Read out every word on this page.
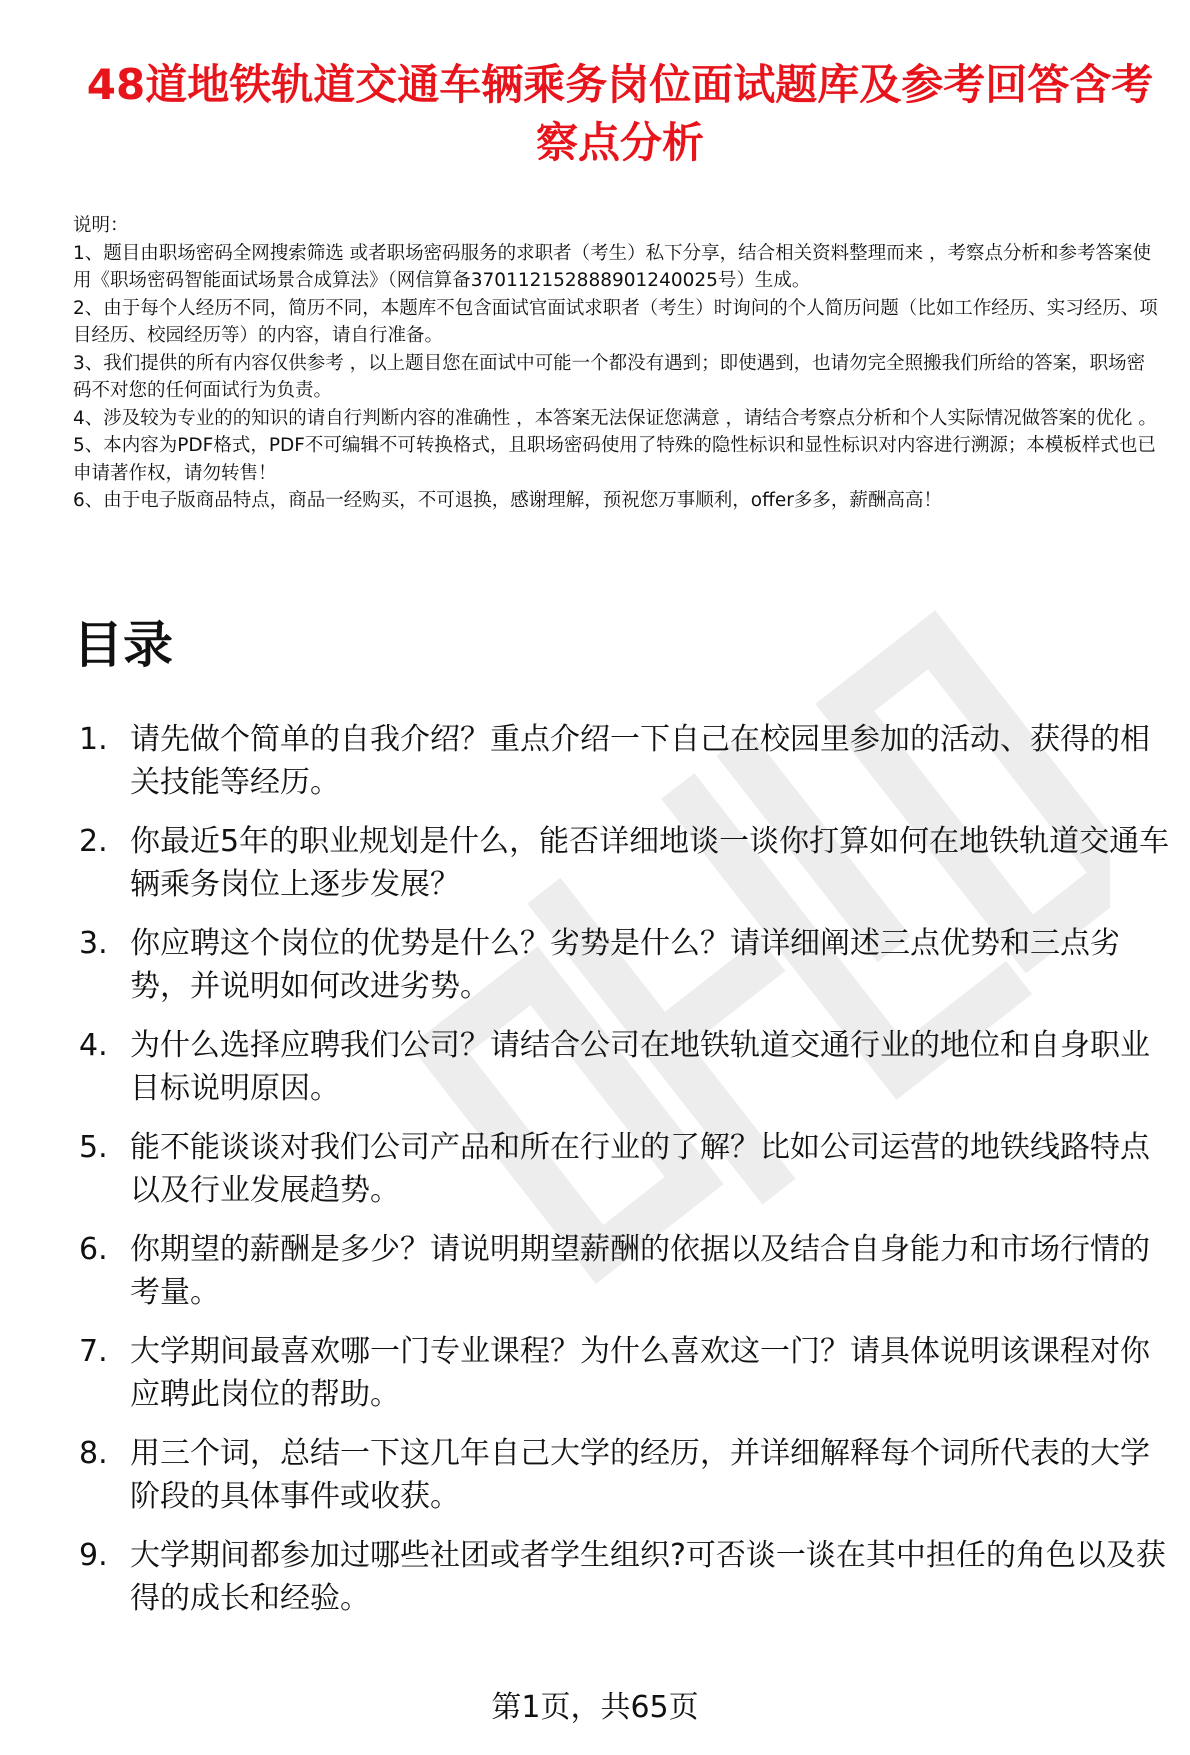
48道地铁轨道交通车辆乘务岗位面试题库及参考回答含考察点分析
说明：
1、题目由职场密码全网搜索筛选 或者职场密码服务的求职者（考生）私下分享，结合相关资料整理而来 ，考察点分析和参考答案使用《职场密码智能面试场景合成算法》（网信算备370112152888901240025号）生成。
2、由于每个人经历不同，简历不同，本题库不包含面试官面试求职者（考生）时询问的个人简历问题（比如工作经历、实习经历、项目经历、校园经历等）的内容，请自行准备。
3、我们提供的所有内容仅供参考 ，以上题目您在面试中可能一个都没有遇到；即使遇到，也请勿完全照搬我们所给的答案，职场密码不对您的任何面试行为负责。
4、涉及较为专业的的知识的请自行判断内容的准确性 ，本答案无法保证您满意 ，请结合考察点分析和个人实际情况做答案的优化 。
5、本内容为PDF格式，PDF不可编辑不可转换格式，且职场密码使用了特殊的隐性标识和显性标识对内容进行溯源；本模板样式也已申请著作权，请勿转售！
6、由于电子版商品特点，商品一经购买，不可退换，感谢理解，预祝您万事顺利，offer多多，薪酬高高！
目录
1. 请先做个简单的自我介绍？重点介绍一下自己在校园里参加的活动、获得的相关技能等经历。
2. 你最近5年的职业规划是什么，能否详细地谈一谈你打算如何在地铁轨道交通车辆乘务岗位上逐步发展？
3. 你应聘这个岗位的优势是什么？劣势是什么？请详细阐述三点优势和三点劣势，并说明如何改进劣势。
4. 为什么选择应聘我们公司？请结合公司在地铁轨道交通行业的地位和自身职业目标说明原因。
5. 能不能谈谈对我们公司产品和所在行业的了解？比如公司运营的地铁线路特点以及行业发展趋势。
6. 你期望的薪酬是多少？请说明期望薪酬的依据以及结合自身能力和市场行情的考量。
7. 大学期间最喜欢哪一门专业课程？为什么喜欢这一门？请具体说明该课程对你应聘此岗位的帮助。
8. 用三个词，总结一下这几年自己大学的经历，并详细解释每个词所代表的大学阶段的具体事件或收获。
9. 大学期间都参加过哪些社团或者学生组织?可否谈一谈在其中担任的角色以及获得的成长和经验。
第1页，共65页
